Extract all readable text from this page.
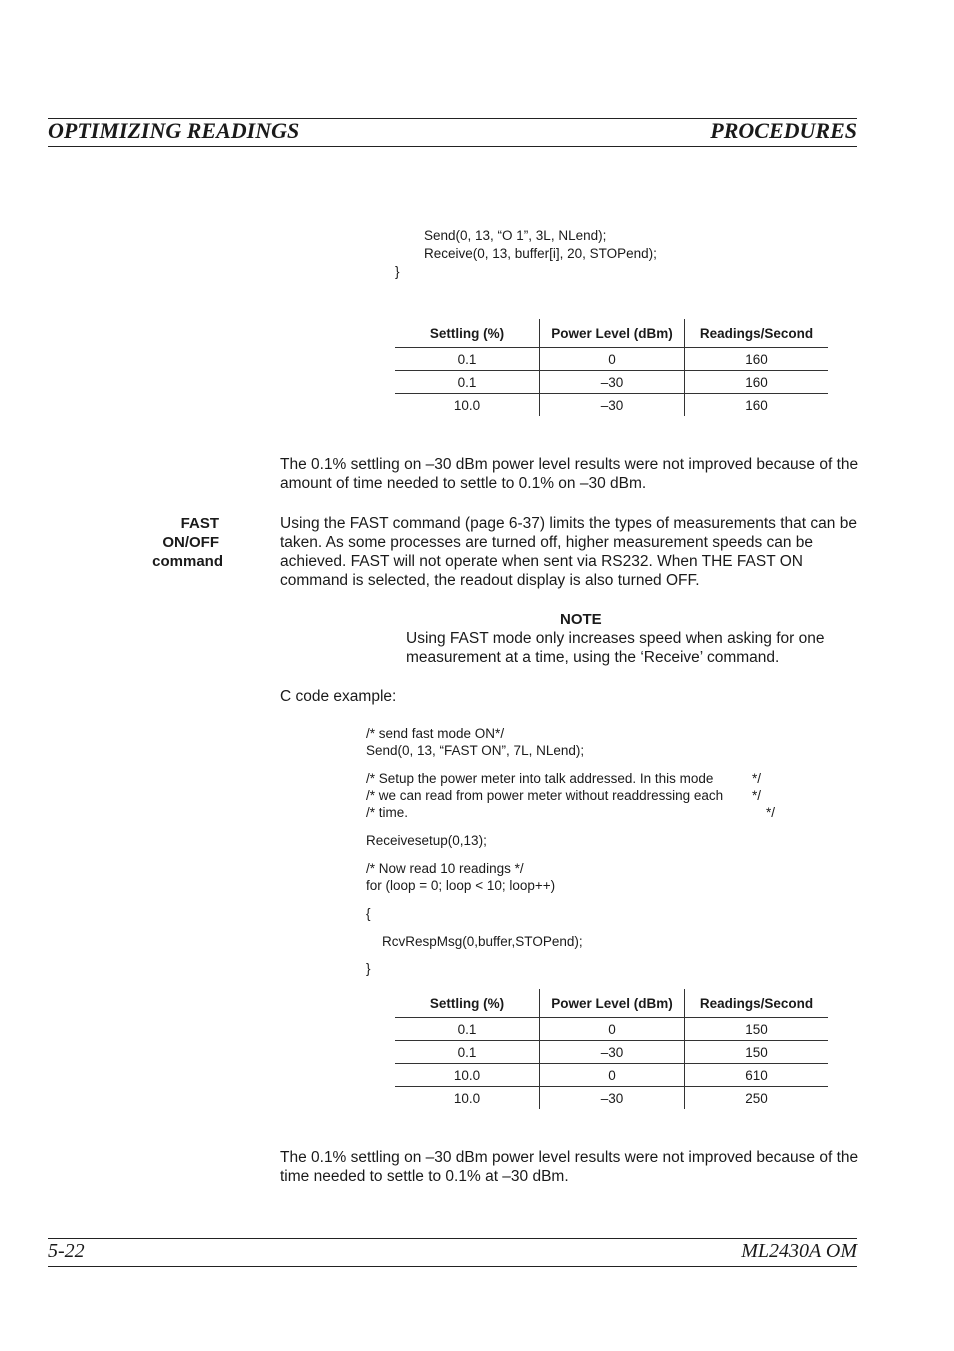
OPTIMIZING READINGS	PROCEDURES
Send(0, 13, “O 1”, 3L, NLend);
Receive(0, 13, buffer[i], 20, STOPend);
}
Settling (%)	Power Level (dBm)	Readings/Second
0.1	0	160
0.1	–30	160
10.0	–30	160
The 0.1% settling on –30 dBm power level results were not improved because of the amount of time needed to settle to 0.1% on –30 dBm.
FAST
ON/OFF
command
Using the FAST command (page 6-37) limits the types of measurements that can be taken. As some processes are turned off, higher measurement speeds can be achieved. FAST will not operate when sent via RS232. When THE FAST ON command is selected, the readout display is also turned OFF.
NOTE
Using FAST mode only increases speed when asking for one measurement at a time, using the ‘Receive’ command.
C code example:
/* send fast mode ON*/
Send(0, 13, “FAST ON”, 7L, NLend);
/* Setup the power meter into talk addressed. In this mode	*/
/* we can read from power meter without readdressing each */
/* time.	*/
Receivesetup(0,13);
/* Now read 10 readings */
for (loop = 0; loop < 10; loop++)
{
RcvRespMsg(0,buffer,STOPend);
}
Settling (%)	Power Level (dBm)	Readings/Second
0.1	0	150
0.1	–30	150
10.0	0	610
10.0	–30	250
The 0.1% settling on –30 dBm power level results were not improved because of the time needed to settle to 0.1% at –30 dBm.
5-22	ML2430A OM
